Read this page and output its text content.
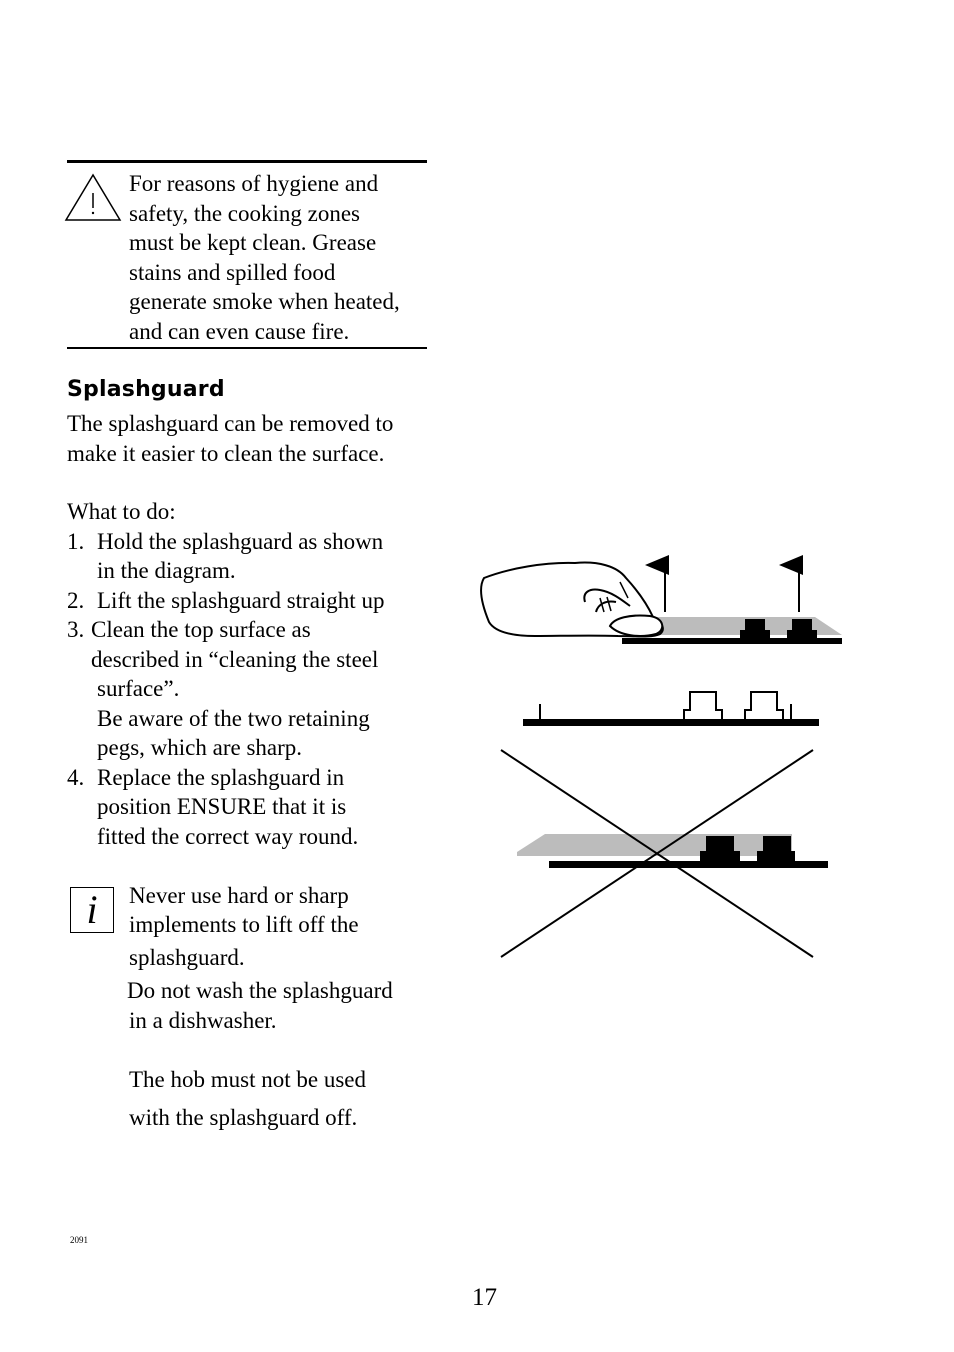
For reasons of hygiene and
safety, the cooking zones
must be kept clean. Grease
stains and spilled food
generate smoke when heated,
and can even cause fire.
Splashguard
The splashguard can be removed to
make it easier to clean the surface.
What to do:
1. Hold the splashguard as shown
in the diagram.
2. Lift the splashguard straight up
3. Clean the top surface as
described in “cleaning the steel
surface”.
Be aware of the two retaining
pegs, which are sharp.
4. Replace the splashguard in
position ENSURE that it is
fitted the correct way round.
i	Never use hard or sharp
implements to lift off the
splashguard.
Do not wash the splashguard
in a dishwasher.
The hob must not be used
with the splashguard off.
2091
17
